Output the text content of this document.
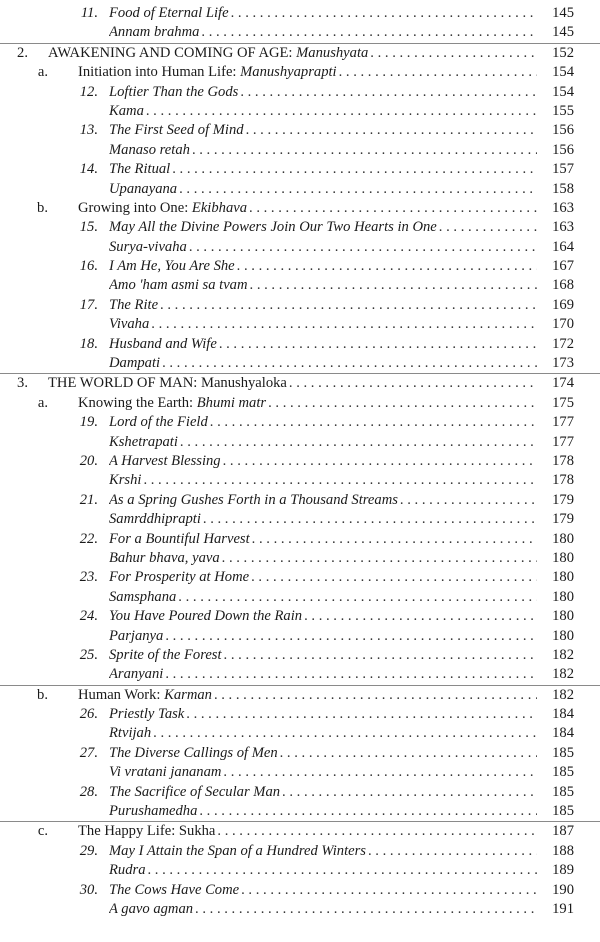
11. Food of Eternal Life . . .	145
Annam brahma . . .	145
2. AWAKENING AND COMING OF AGE: Manushyata . . .	152
a. Initiation into Human Life: Manushyaprapti . . .	154
12. Loftier Than the Gods . . .	154
Kama . . .	155
13. The First Seed of Mind . . .	156
Manaso retah . . .	156
14. The Ritual . . .	157
Upanayana . . .	158
b. Growing into One: Ekibhava . . .	163
15. May All the Divine Powers Join Our Two Hearts in One . . .	163
Surya-vivaha . . .	164
16. I Am He, You Are She . . .	167
Amo 'ham asmi sa tvam . . .	168
17. The Rite . . .	169
Vivaha . . .	170
18. Husband and Wife . . .	172
Dampati . . .	173
3. THE WORLD OF MAN: Manushyaloka . . .	174
a. Knowing the Earth: Bhumi matr . . .	175
19. Lord of the Field . . .	177
Kshetrapati . . .	177
20. A Harvest Blessing . . .	178
Krshi . . .	178
21. As a Spring Gushes Forth in a Thousand Streams . . .	179
Samrddhiprapti . . .	179
22. For a Bountiful Harvest . . .	180
Bahur bhava, yava . . .	180
23. For Prosperity at Home . . .	180
Samsphana . . .	180
24. You Have Poured Down the Rain . . .	180
Parjanya . . .	180
25. Sprite of the Forest . . .	182
Aranyani . . .	182
b. Human Work: Karman . . .	182
26. Priestly Task . . .	184
Rtvijah . . .	184
27. The Diverse Callings of Men . . .	185
Vi vratani jananam . . .	185
28. The Sacrifice of Secular Man . . .	185
Purushamedha . . .	185
c. The Happy Life: Sukha . . .	187
29. May I Attain the Span of a Hundred Winters . . .	188
Rudra . . .	189
30. The Cows Have Come . . .	190
A gavo agman . . .	191
